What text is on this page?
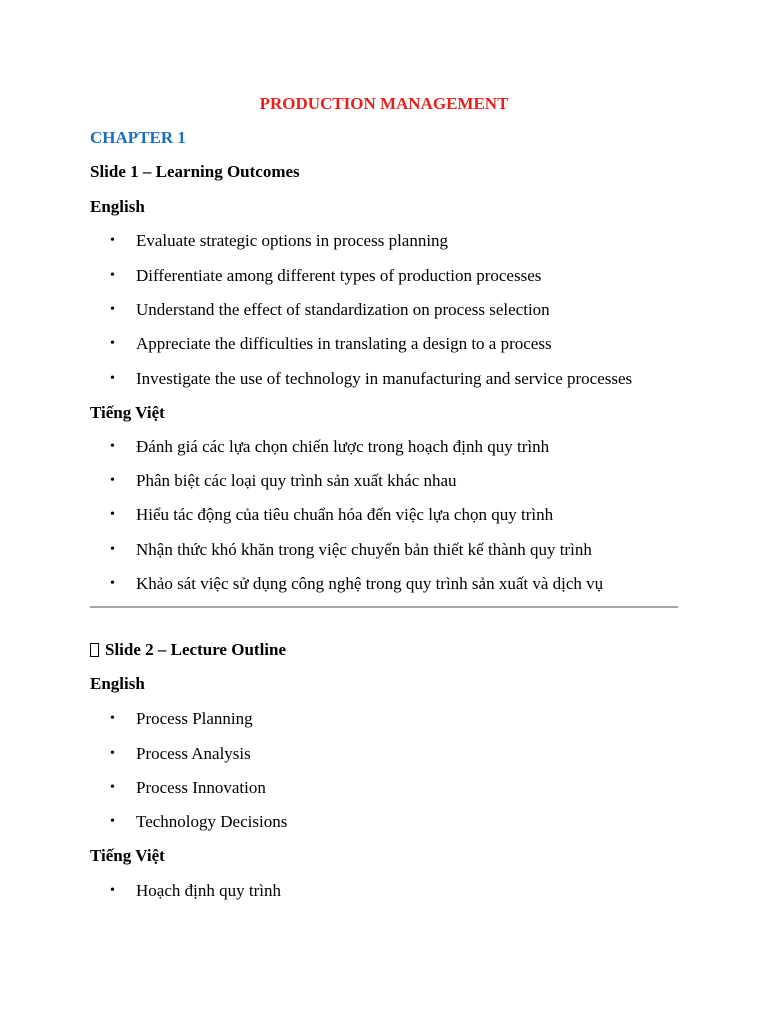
PRODUCTION MANAGEMENT
CHAPTER 1
Slide 1 – Learning Outcomes
English
• Evaluate strategic options in process planning
• Differentiate among different types of production processes
• Understand the effect of standardization on process selection
• Appreciate the difficulties in translating a design to a process
• Investigate the use of technology in manufacturing and service processes
Tiếng Việt
• Đánh giá các lựa chọn chiến lược trong hoạch định quy trình
• Phân biệt các loại quy trình sản xuất khác nhau
• Hiểu tác động của tiêu chuẩn hóa đến việc lựa chọn quy trình
• Nhận thức khó khăn trong việc chuyển bản thiết kế thành quy trình
• Khảo sát việc sử dụng công nghệ trong quy trình sản xuất và dịch vụ
Slide 2 – Lecture Outline
English
• Process Planning
• Process Analysis
• Process Innovation
• Technology Decisions
Tiếng Việt
• Hoạch định quy trình
